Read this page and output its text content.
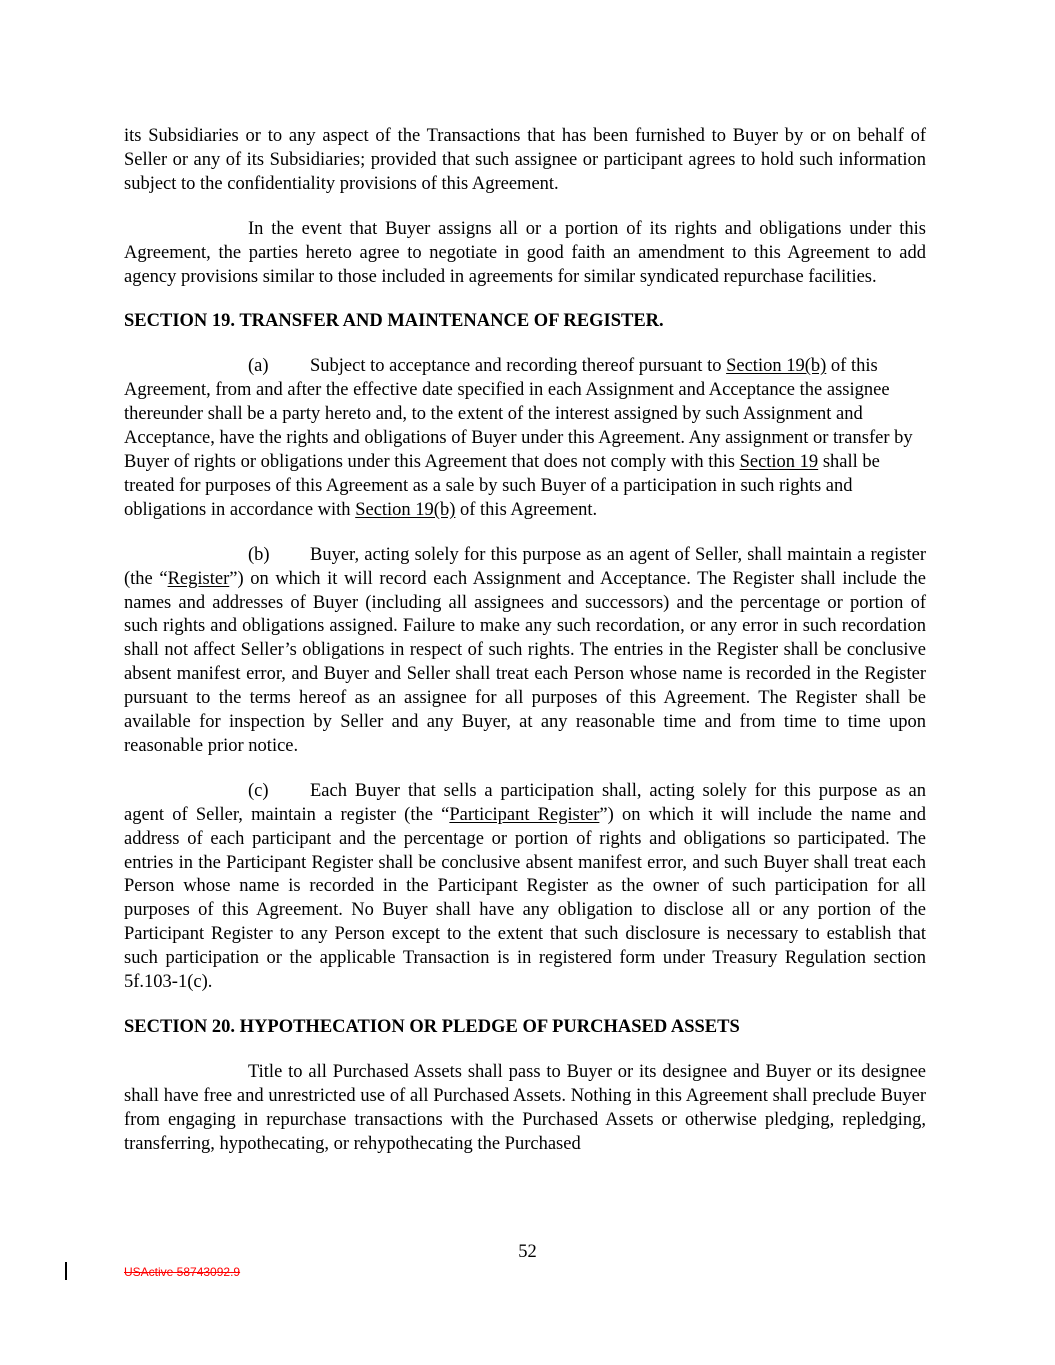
its Subsidiaries or to any aspect of the Transactions that has been furnished to Buyer by or on behalf of Seller or any of its Subsidiaries; provided that such assignee or participant agrees to hold such information subject to the confidentiality provisions of this Agreement.

In the event that Buyer assigns all or a portion of its rights and obligations under this Agreement, the parties hereto agree to negotiate in good faith an amendment to this Agreement to add agency provisions similar to those included in agreements for similar syndicated repurchase facilities.

SECTION 19. TRANSFER AND MAINTENANCE OF REGISTER.

(a) Subject to acceptance and recording thereof pursuant to Section 19(b) of this Agreement, from and after the effective date specified in each Assignment and Acceptance the assignee thereunder shall be a party hereto and, to the extent of the interest assigned by such Assignment and Acceptance, have the rights and obligations of Buyer under this Agreement. Any assignment or transfer by Buyer of rights or obligations under this Agreement that does not comply with this Section 19 shall be treated for purposes of this Agreement as a sale by such Buyer of a participation in such rights and obligations in accordance with Section 19(b) of this Agreement.

(b) Buyer, acting solely for this purpose as an agent of Seller, shall maintain a register (the “Register”) on which it will record each Assignment and Acceptance. The Register shall include the names and addresses of Buyer (including all assignees and successors) and the percentage or portion of such rights and obligations assigned. Failure to make any such recordation, or any error in such recordation shall not affect Seller’s obligations in respect of such rights. The entries in the Register shall be conclusive absent manifest error, and Buyer and Seller shall treat each Person whose name is recorded in the Register pursuant to the terms hereof as an assignee for all purposes of this Agreement. The Register shall be available for inspection by Seller and any Buyer, at any reasonable time and from time to time upon reasonable prior notice.

(c) Each Buyer that sells a participation shall, acting solely for this purpose as an agent of Seller, maintain a register (the “Participant Register”) on which it will include the name and address of each participant and the percentage or portion of rights and obligations so participated. The entries in the Participant Register shall be conclusive absent manifest error, and such Buyer shall treat each Person whose name is recorded in the Participant Register as the owner of such participation for all purposes of this Agreement. No Buyer shall have any obligation to disclose all or any portion of the Participant Register to any Person except to the extent that such disclosure is necessary to establish that such participation or the applicable Transaction is in registered form under Treasury Regulation section 5f.103-1(c).

SECTION 20. HYPOTHECATION OR PLEDGE OF PURCHASED ASSETS

Title to all Purchased Assets shall pass to Buyer or its designee and Buyer or its designee shall have free and unrestricted use of all Purchased Assets. Nothing in this Agreement shall preclude Buyer from engaging in repurchase transactions with the Purchased Assets or otherwise pledging, repledging, transferring, hypothecating, or rehypothecating the Purchased

52
USActive 58743092.9
